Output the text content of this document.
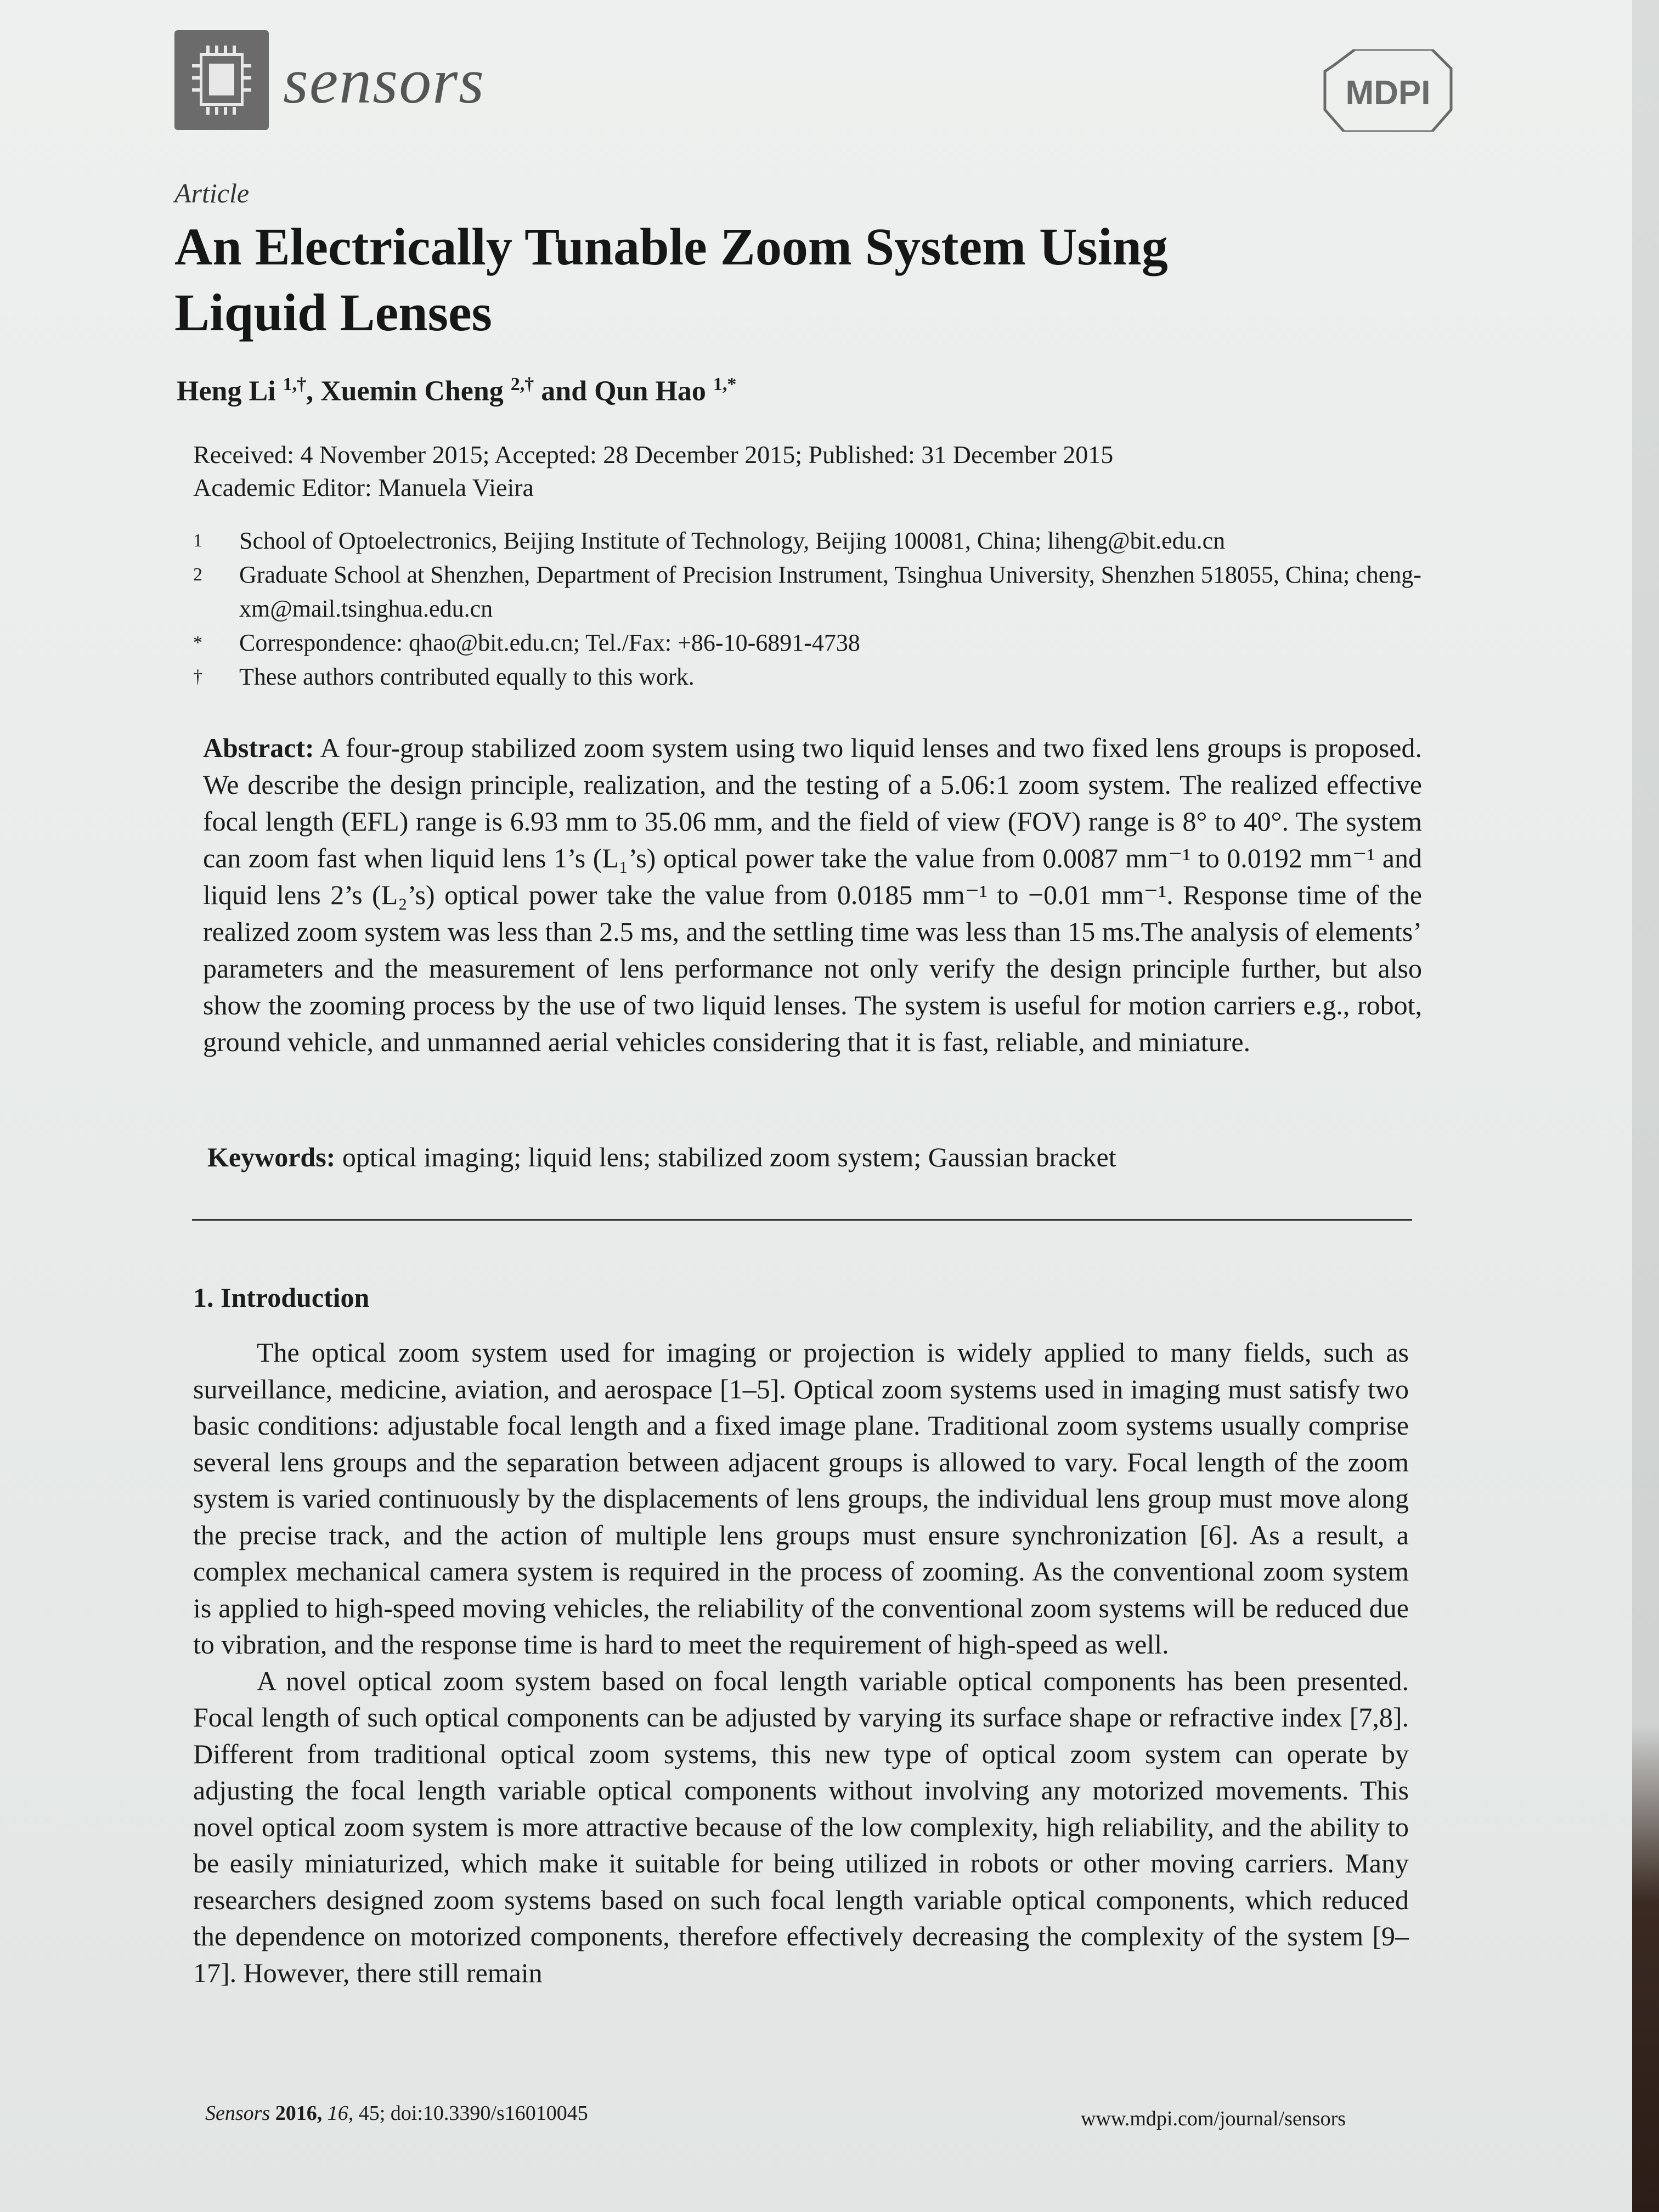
sensors	MDPI
Article
An Electrically Tunable Zoom System Using Liquid Lenses
Heng Li $^{1,\dagger}$, Xuemin Cheng $^{2,\dagger}$ and Qun Hao $^{1,*}$
Received: 4 November 2015; Accepted: 28 December 2015; Published: 31 December 2015
Academic Editor: Manuela Vieira
1	School of Optoelectronics, Beijing Institute of Technology, Beijing 100081, China; liheng@bit.edu.cn
2	Graduate School at Shenzhen, Department of Precision Instrument, Tsinghua University, Shenzhen 518055, China; cheng-xm@mail.tsinghua.edu.cn
*	Correspondence: qhao@bit.edu.cn; Tel./Fax: +86-10-6891-4738
†	These authors contributed equally to this work.
Abstract: A four-group stabilized zoom system using two liquid lenses and two fixed lens groups is proposed. We describe the design principle, realization, and the testing of a 5.06:1 zoom system. The realized effective focal length (EFL) range is 6.93 mm to 35.06 mm, and the field of view (FOV) range is 8° to 40°. The system can zoom fast when liquid lens 1’s (L₁’s) optical power take the value from 0.0087 mm⁻¹ to 0.0192 mm⁻¹ and liquid lens 2’s (L₂’s) optical power take the value from 0.0185 mm⁻¹ to −0.01 mm⁻¹. Response time of the realized zoom system was less than 2.5 ms, and the settling time was less than 15 ms.The analysis of elements’ parameters and the measurement of lens performance not only verify the design principle further, but also show the zooming process by the use of two liquid lenses. The system is useful for motion carriers e.g., robot, ground vehicle, and unmanned aerial vehicles considering that it is fast, reliable, and miniature.
Keywords: optical imaging; liquid lens; stabilized zoom system; Gaussian bracket
1. Introduction

The optical zoom system used for imaging or projection is widely applied to many fields, such as surveillance, medicine, aviation, and aerospace [1–5]. Optical zoom systems used in imaging must satisfy two basic conditions: adjustable focal length and a fixed image plane. Traditional zoom systems usually comprise several lens groups and the separation between adjacent groups is allowed to vary. Focal length of the zoom system is varied continuously by the displacements of lens groups, the individual lens group must move along the precise track, and the action of multiple lens groups must ensure synchronization [6]. As a result, a complex mechanical camera system is required in the process of zooming. As the conventional zoom system is applied to high-speed moving vehicles, the reliability of the conventional zoom systems will be reduced due to vibration, and the response time is hard to meet the requirement of high-speed as well.

A novel optical zoom system based on focal length variable optical components has been presented. Focal length of such optical components can be adjusted by varying its surface shape or refractive index [7,8]. Different from traditional optical zoom systems, this new type of optical zoom system can operate by adjusting the focal length variable optical components without involving any motorized movements. This novel optical zoom system is more attractive because of the low complexity, high reliability, and the ability to be easily miniaturized, which make it suitable for being utilized in robots or other moving carriers. Many researchers designed zoom systems based on such focal length variable optical components, which reduced the dependence on motorized components, therefore effectively decreasing the complexity of the system [9–17]. However, there still remain

Sensors 2016, 16, 45; doi:10.3390/s16010045	www.mdpi.com/journal/sensors
